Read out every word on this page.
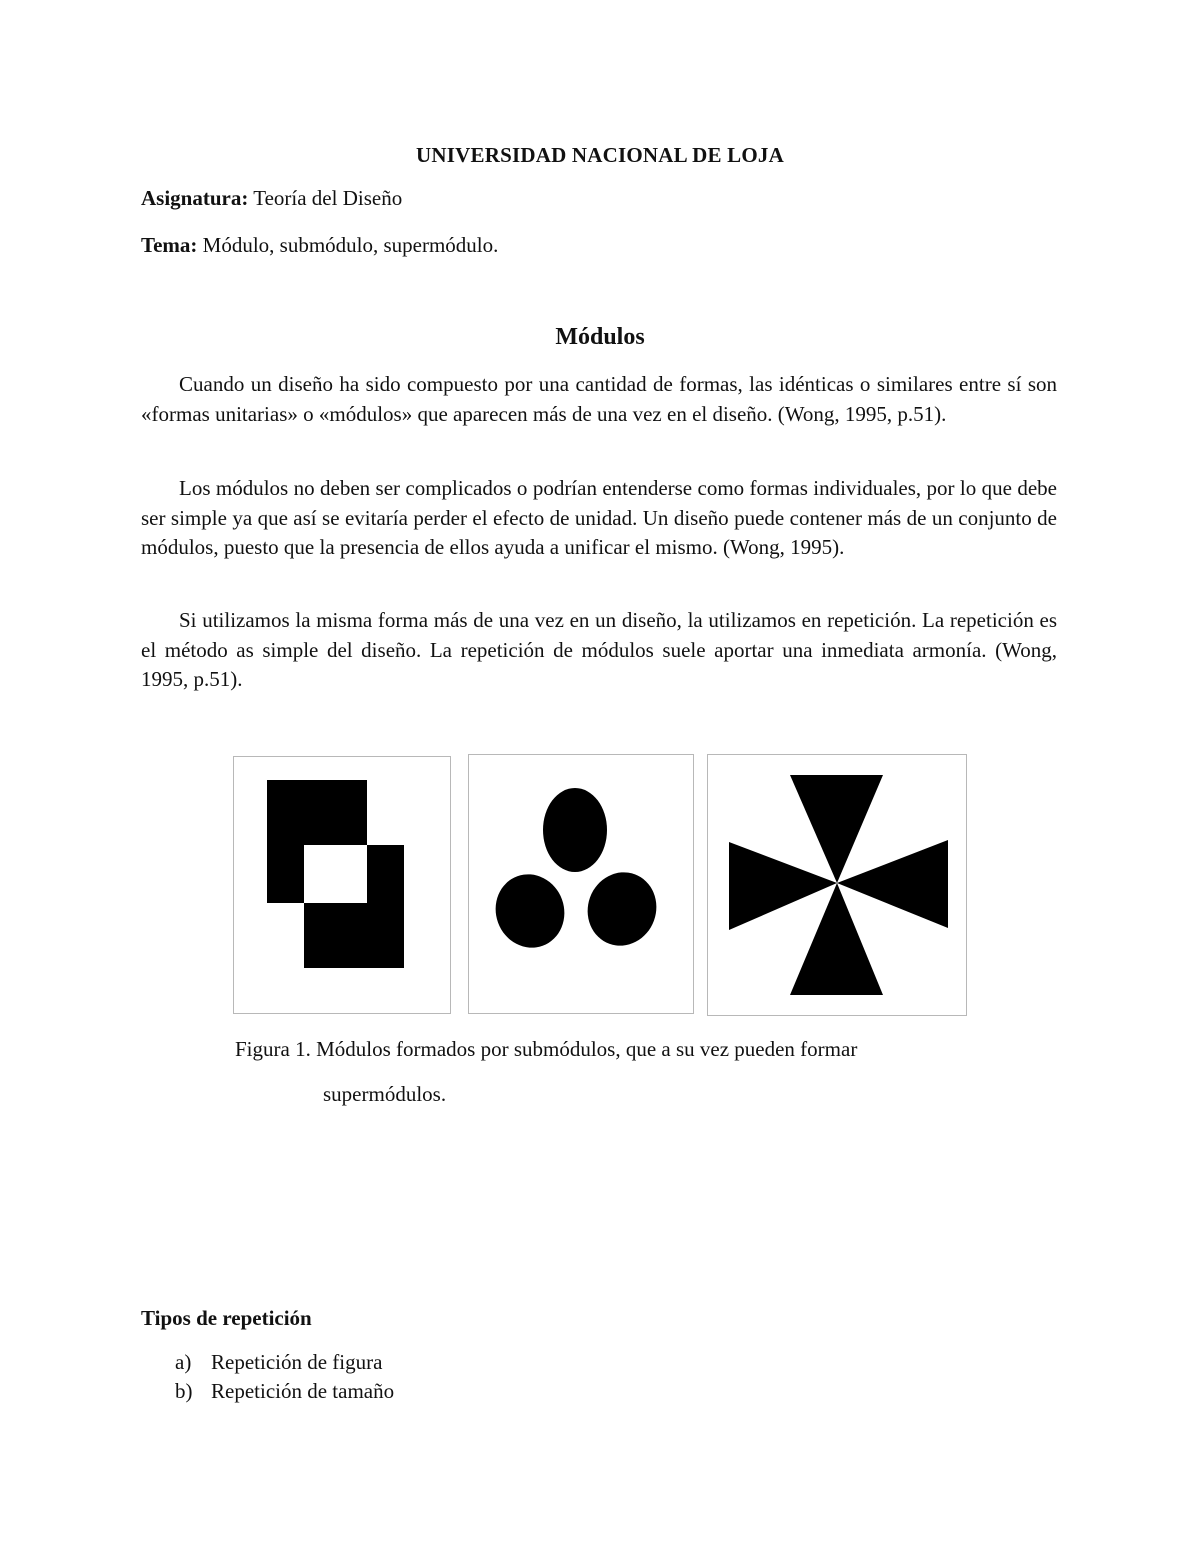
UNIVERSIDAD NACIONAL DE LOJA
Asignatura: Teoría del Diseño
Tema: Módulo, submódulo, supermódulo.
Módulos

Cuando un diseño ha sido compuesto por una cantidad de formas, las idénticas o similares entre sí son «formas unitarias» o «módulos» que aparecen más de una vez en el diseño. (Wong, 1995, p.51).

Los módulos no deben ser complicados o podrían entenderse como formas individuales, por lo que debe ser simple ya que así se evitaría perder el efecto de unidad. Un diseño puede contener más de un conjunto de módulos, puesto que la presencia de ellos ayuda a unificar el mismo. (Wong, 1995).

Si utilizamos la misma forma más de una vez en un diseño, la utilizamos en repetición. La repetición es el método as simple del diseño. La repetición de módulos suele aportar una inmediata armonía. (Wong, 1995, p.51).

Figura 1. Módulos formados por submódulos, que a su vez pueden formar
supermódulos.
Tipos de repetición
a) Repetición de figura
b) Repetición de tamaño
